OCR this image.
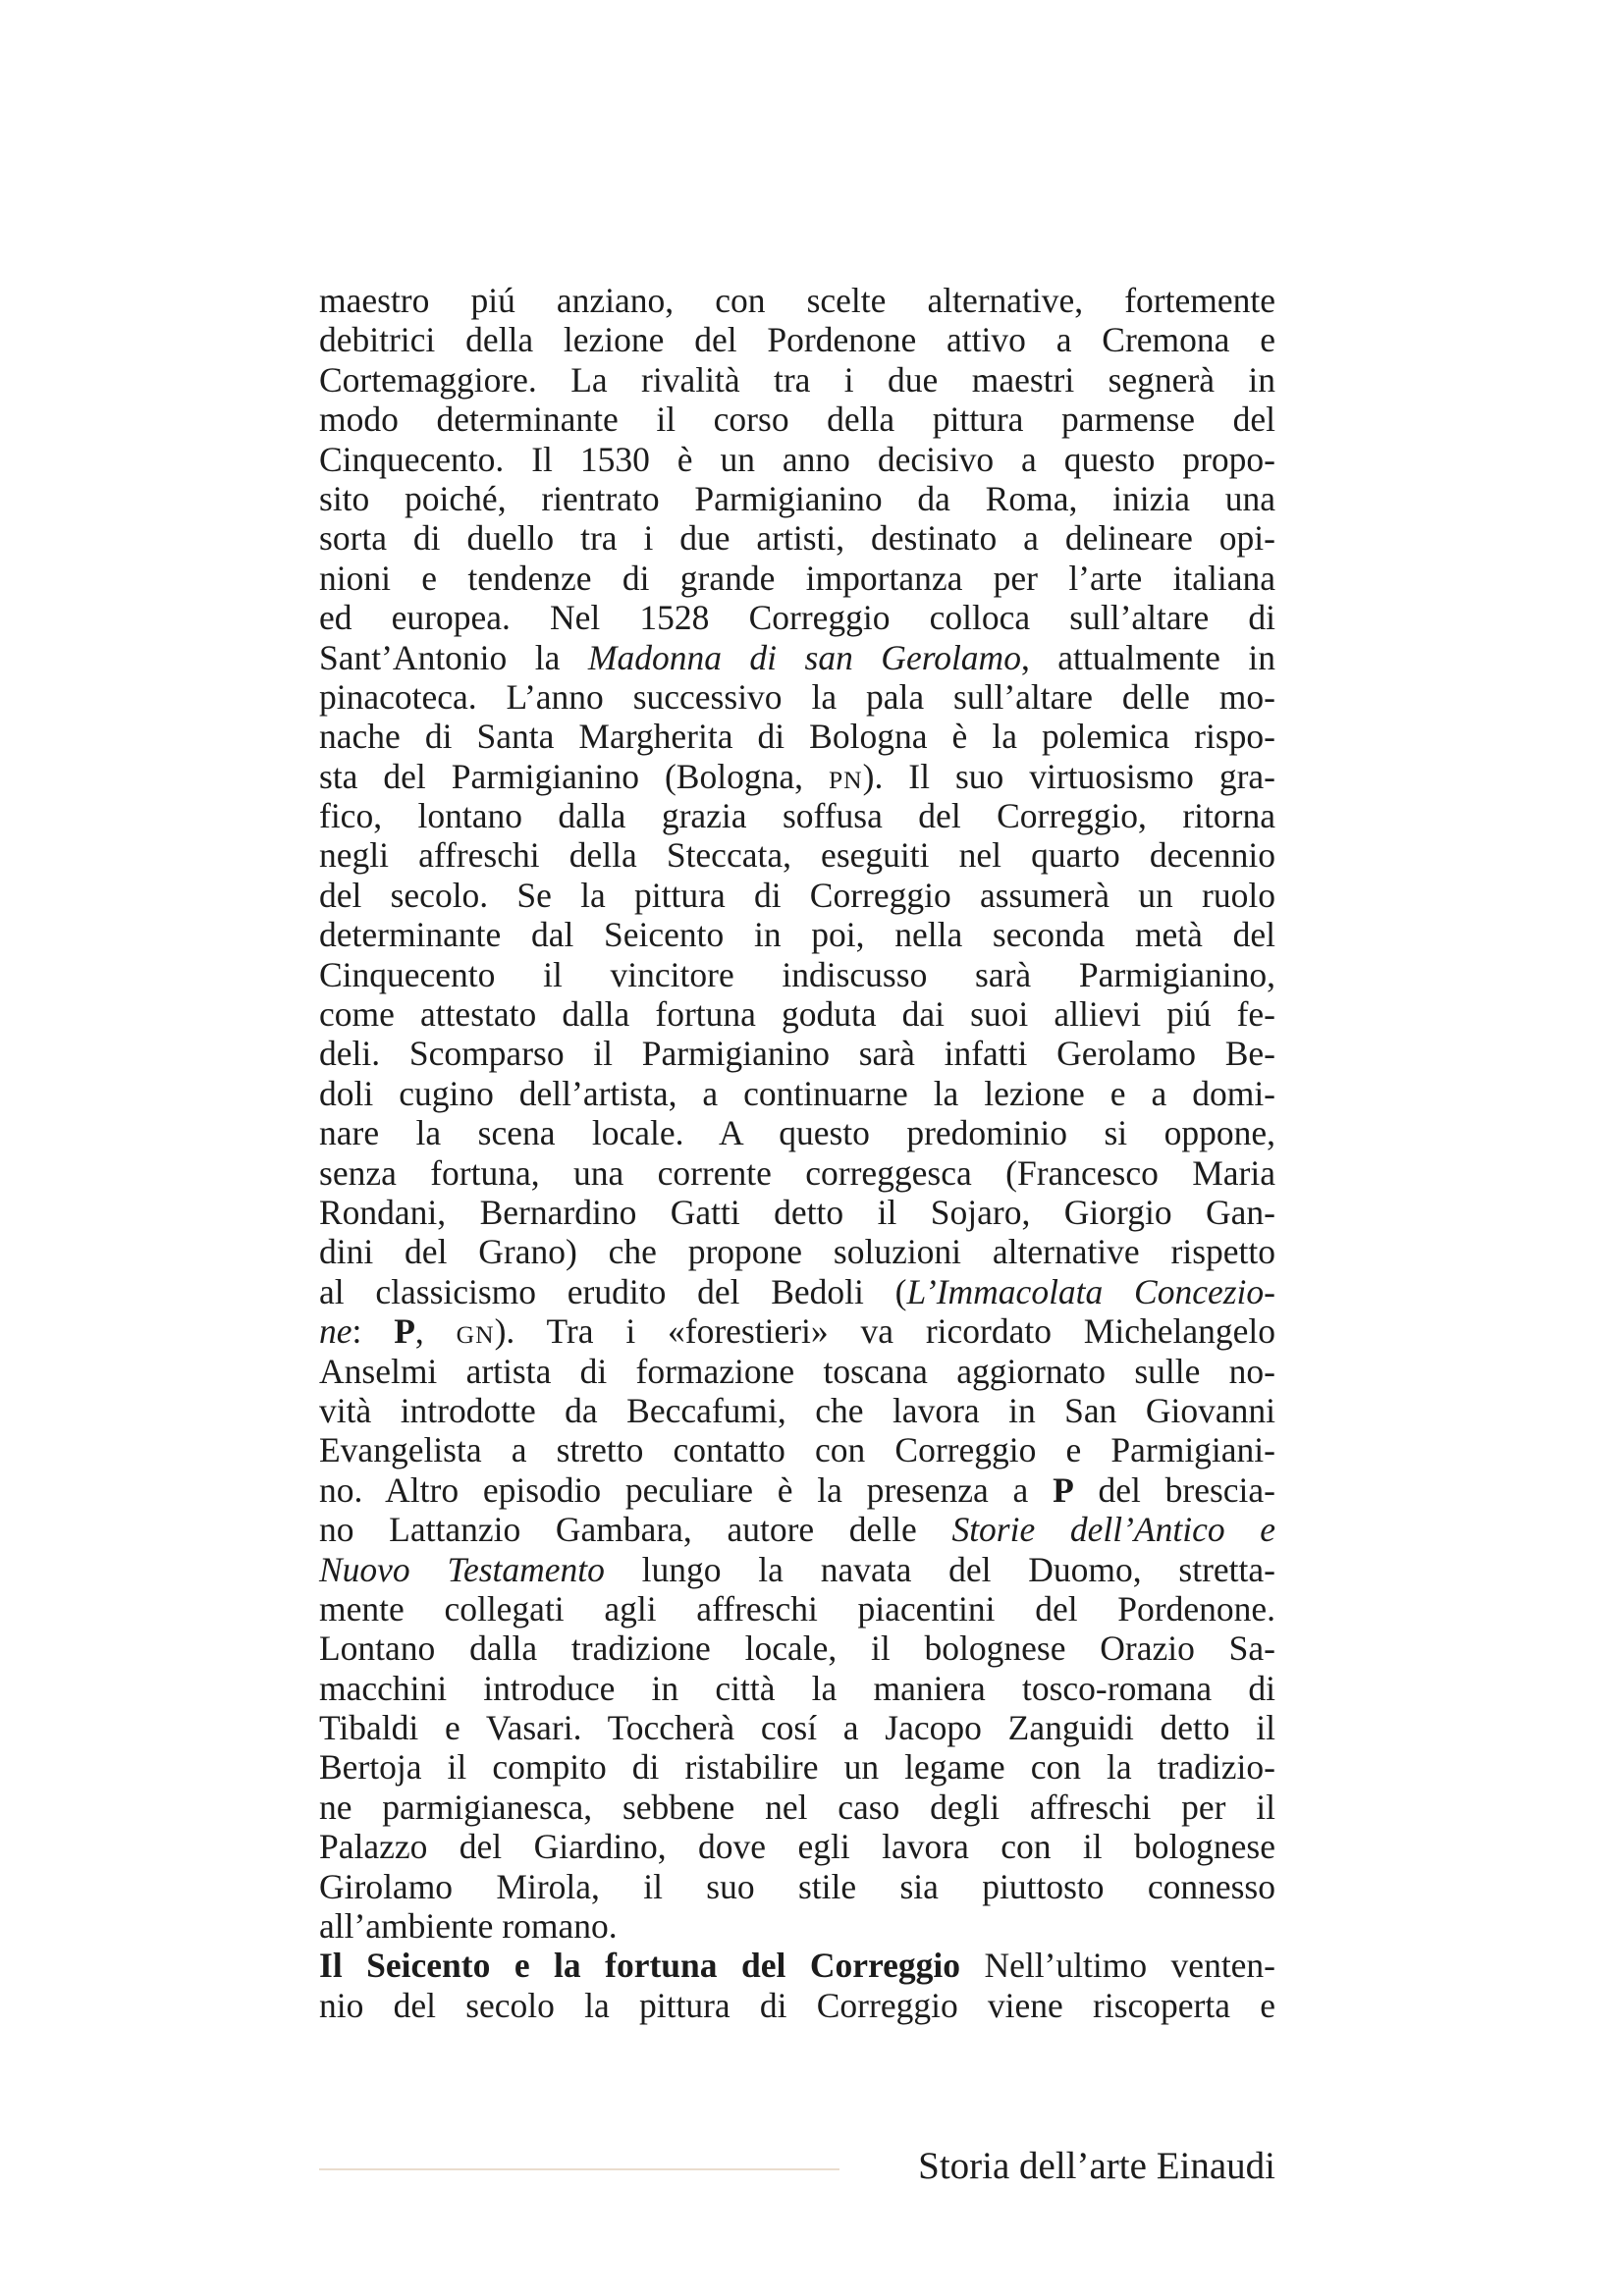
maestro piú anziano, con scelte alternative, fortemente
debitrici della lezione del Pordenone attivo a Cremona e
Cortemaggiore. La rivalità tra i due maestri segnerà in
modo determinante il corso della pittura parmense del
Cinquecento. Il 1530 è un anno decisivo a questo propo-
sito poiché, rientrato Parmigianino da Roma, inizia una
sorta di duello tra i due artisti, destinato a delineare opi-
nioni e tendenze di grande importanza per l’arte italiana
ed europea. Nel 1528 Correggio colloca sull’altare di
Sant’Antonio la Madonna di san Gerolamo, attualmente in
pinacoteca. L’anno successivo la pala sull’altare delle mo-
nache di Santa Margherita di Bologna è la polemica rispo-
sta del Parmigianino (Bologna, PN). Il suo virtuosismo gra-
fico, lontano dalla grazia soffusa del Correggio, ritorna
negli affreschi della Steccata, eseguiti nel quarto decennio
del secolo. Se la pittura di Correggio assumerà un ruolo
determinante dal Seicento in poi, nella seconda metà del
Cinquecento il vincitore indiscusso sarà Parmigianino,
come attestato dalla fortuna goduta dai suoi allievi piú fe-
deli. Scomparso il Parmigianino sarà infatti Gerolamo Be-
doli cugino dell’artista, a continuarne la lezione e a domi-
nare la scena locale. A questo predominio si oppone,
senza fortuna, una corrente correggesca (Francesco Maria
Rondani, Bernardino Gatti detto il Sojaro, Giorgio Gan-
dini del Grano) che propone soluzioni alternative rispetto
al classicismo erudito del Bedoli (L’Immacolata Concezio-
ne: P, GN). Tra i «forestieri» va ricordato Michelangelo
Anselmi artista di formazione toscana aggiornato sulle no-
vità introdotte da Beccafumi, che lavora in San Giovanni
Evangelista a stretto contatto con Correggio e Parmigiani-
no. Altro episodio peculiare è la presenza a P del brescia-
no Lattanzio Gambara, autore delle Storie dell’Antico e
Nuovo Testamento lungo la navata del Duomo, stretta-
mente collegati agli affreschi piacentini del Pordenone.
Lontano dalla tradizione locale, il bolognese Orazio Sa-
macchini introduce in città la maniera tosco-romana di
Tibaldi e Vasari. Toccherà cosí a Jacopo Zanguidi detto il
Bertoja il compito di ristabilire un legame con la tradizio-
ne parmigianesca, sebbene nel caso degli affreschi per il
Palazzo del Giardino, dove egli lavora con il bolognese
Girolamo Mirola, il suo stile sia piuttosto connesso
all’ambiente romano.
Il Seicento e la fortuna del Correggio Nell’ultimo venten-
nio del secolo la pittura di Correggio viene riscoperta e
Storia dell’arte Einaudi
